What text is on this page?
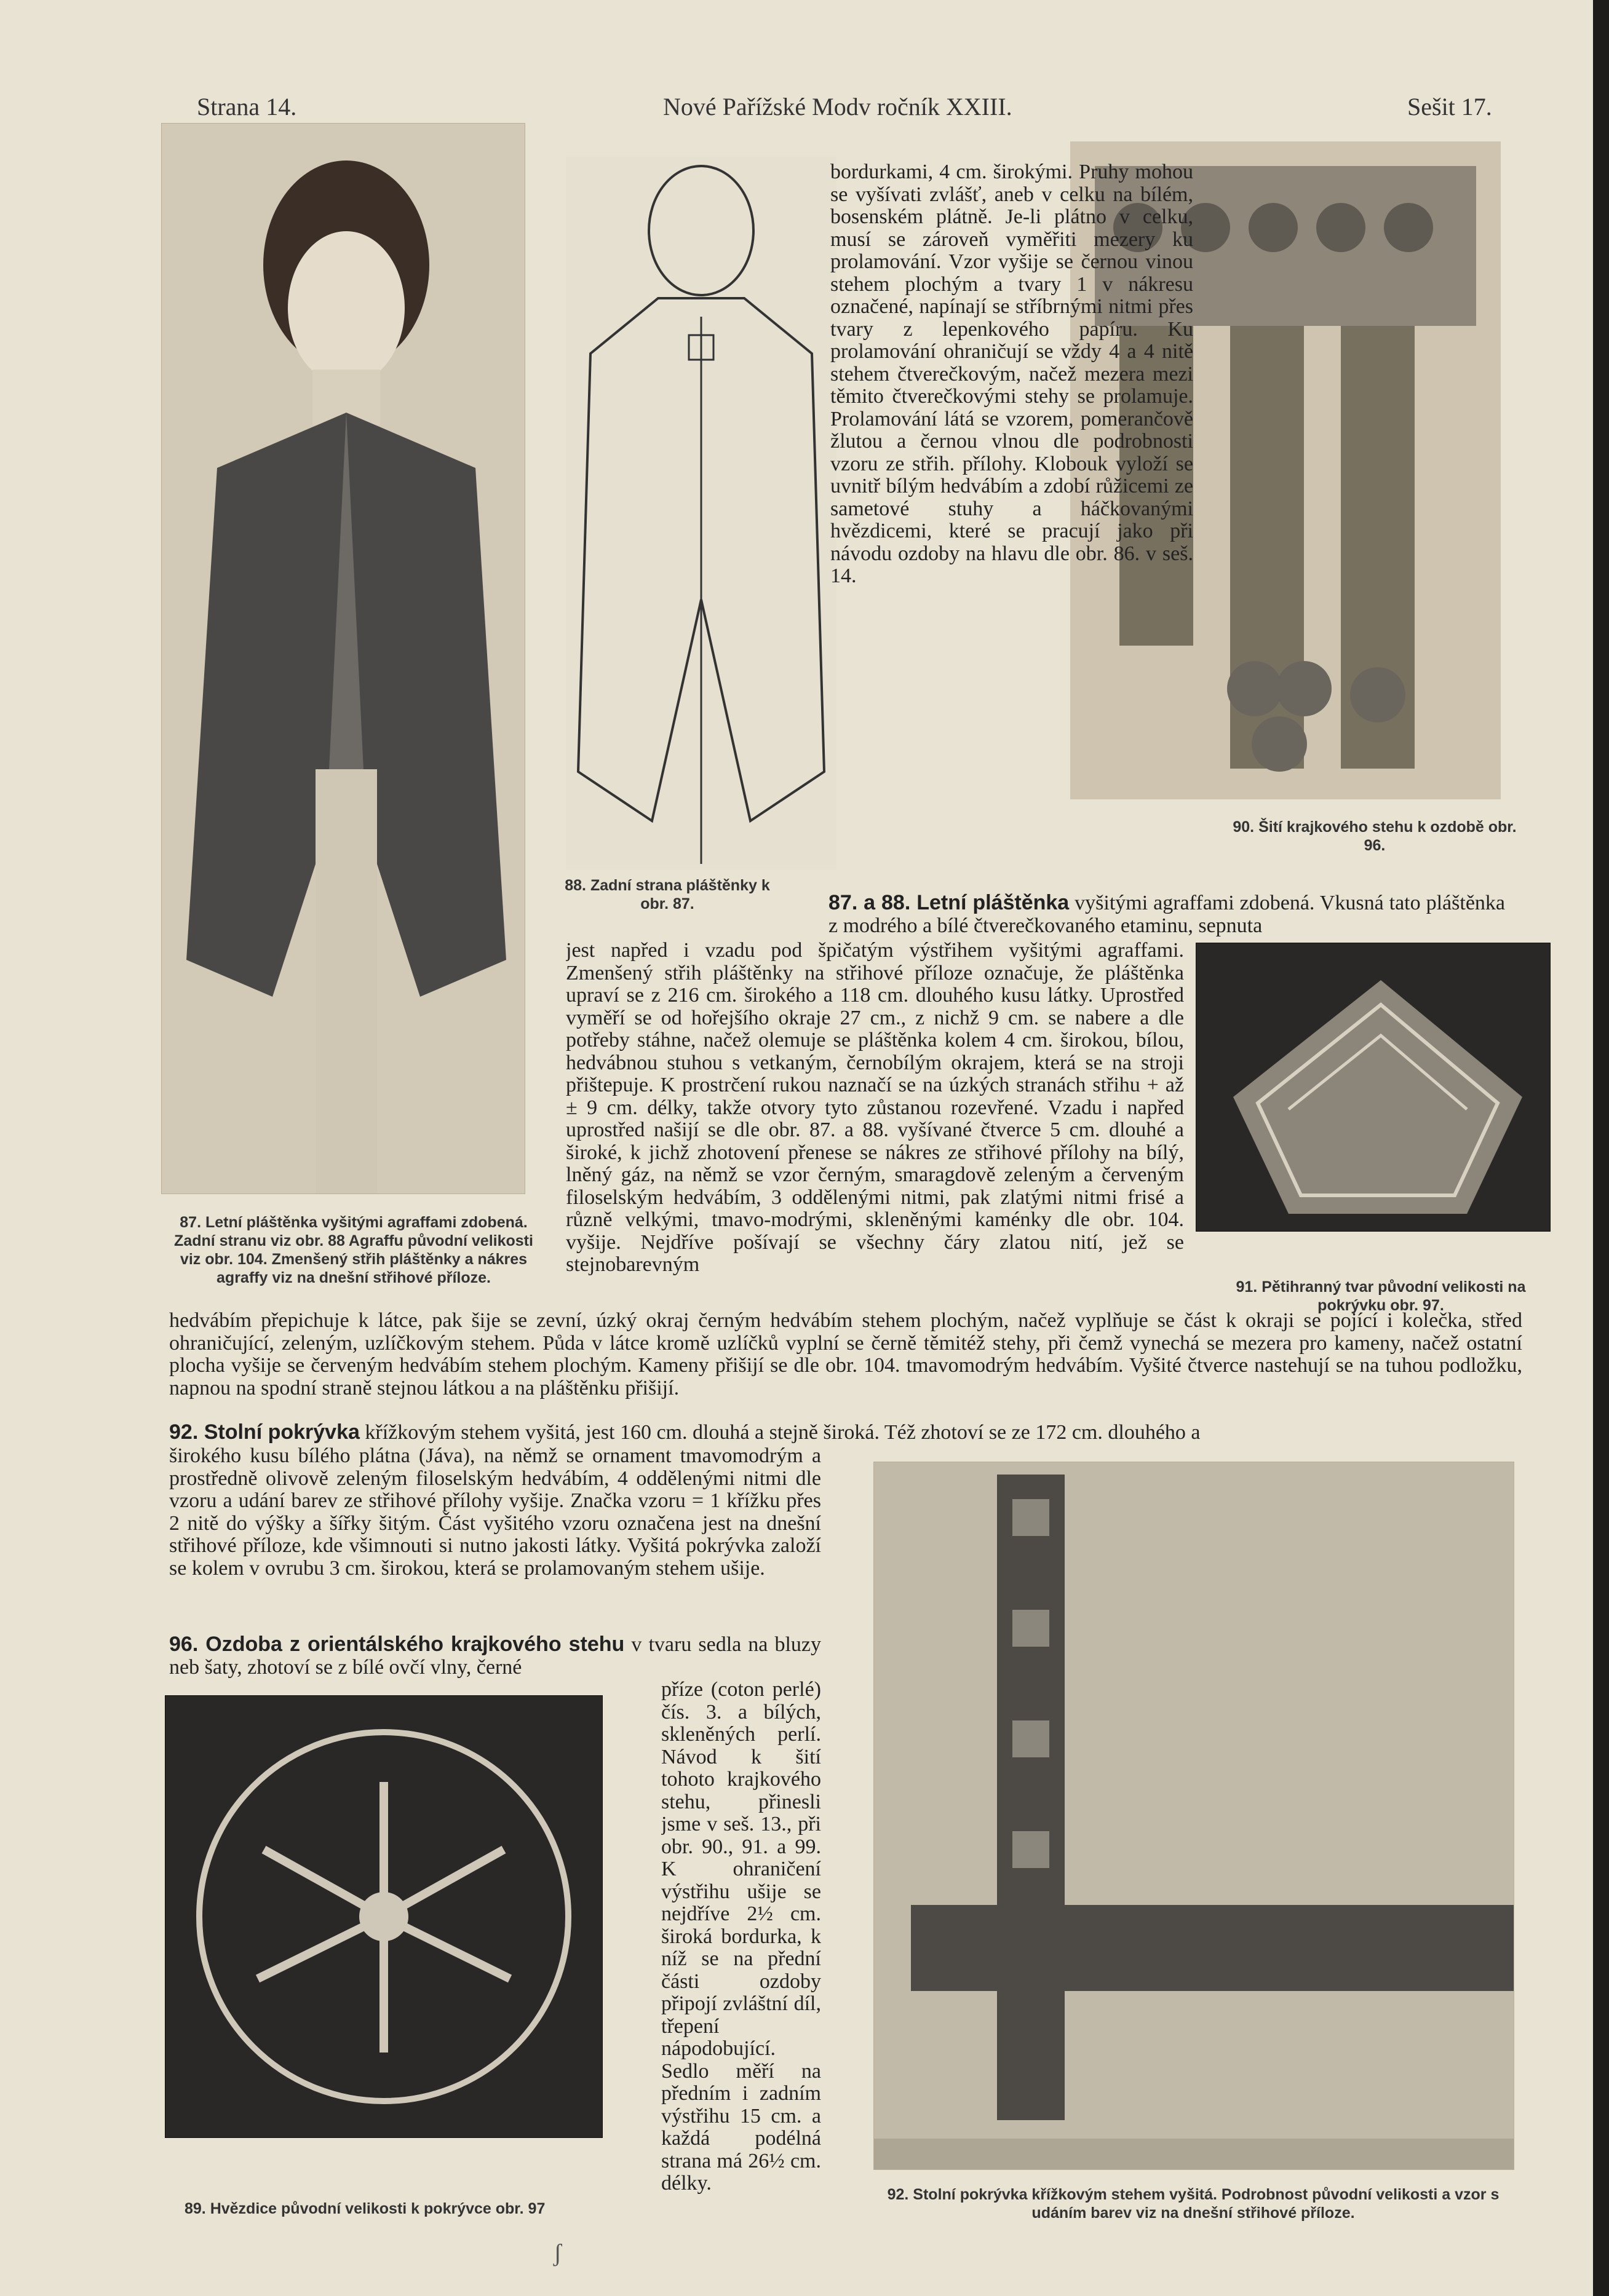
Strana 14.	Nové Pařížské Modv ročník XXIII.	Sešit 17.
87. Letní pláštěnka vyšitými agraffami zdobená. Zadní stranu viz obr. 88 Agraffu původní velikosti viz obr. 104. Zmenšený střih pláštěnky a nákres agraffy viz na dnešní střihové příloze.
88. Zadní strana pláštěnky k obr. 87.
90. Šití krajkového stehu k ozdobě obr. 96.
91. Pětihranný tvar původní velikosti na pokrývku obr. 97.
89. Hvězdice původní velikosti k pokrývce obr. 97
92. Stolní pokrývka křížkovým stehem vyšitá. Podrobnost původní velikosti a vzor s udáním barev viz na dnešní střihové příloze.

bordurkami, 4 cm. širokými. Pruhy mohou se vyšívati zvlášť, aneb v celku na bílém, bosenském plátně. Je-li plátno v celku, musí se zároveň vyměřiti mezery ku prolamování. Vzor vyšije se černou vinou stehem plochým a tvary 1 v nákresu označené, napínají se stříbrnými nitmi přes tvary z lepenkového papíru. Ku prolamování ohraničují se vždy 4 a 4 nitě stehem čtverečkovým, načež mezera mezi těmito čtverečkovými stehy se prolamuje. Prolamování látá se vzorem, pomerančově žlutou a černou vlnou dle podrobnosti vzoru ze střih. přílohy. Klobouk vyloží se uvnitř bílým hedvábím a zdobí růžicemi ze sametové stuhy a háčkovanými hvězdicemi, které se pracují jako při návodu ozdoby na hlavu dle obr. 86. v seš. 14.

87. a 88. Letní pláštěnka vyšitými agraffami zdobená. Vkusná tato pláštěnka z modrého a bílé čtverečkovaného etaminu, sepnuta

jest napřed i vzadu pod špičatým výstřihem vyšitými agraffami. Zmenšený střih pláštěnky na střihové příloze označuje, že pláštěnka upraví se z 216 cm. širokého a 118 cm. dlouhého kusu látky. Uprostřed vyměří se od hořejšího okraje 27 cm., z nichž 9 cm. se nabere a dle potřeby stáhne, načež olemuje se pláštěnka kolem 4 cm. širokou, bílou, hedvábnou stuhou s vetkaným, černobílým okrajem, která se na stroji přištepuje. K prostrčení rukou naznačí se na úzkých stranách střihu + až ± 9 cm. délky, takže otvory tyto zůstanou rozevřené. Vzadu i napřed uprostřed našijí se dle obr. 87. a 88. vyšívané čtverce 5 cm. dlouhé a široké, k jichž zhotovení přenese se nákres ze střihové přílohy na bílý, lněný gáz, na němž se vzor černým, smaragdově zeleným a červeným filoselským hedvábím, 3 oddělenými nitmi, pak zlatými nitmi frisé a různě velkými, tmavo-modrými, skleněnými kaménky dle obr. 104. vyšije. Nejdříve pošívají se všechny čáry zlatou nití, jež se stejnobarevným

hedvábím přepichuje k látce, pak šije se zevní, úzký okraj černým hedvábím stehem plochým, načež vyplňuje se část k okraji se pojící i kolečka, střed ohraničující, zeleným, uzlíčkovým stehem. Půda v látce kromě uzlíčků vyplní se černě těmitéž stehy, při čemž vynechá se mezera pro kameny, načež ostatní plocha vyšije se červeným hedvábím stehem plochým. Kameny přišijí se dle obr. 104. tmavomodrým hedvábím. Vyšité čtverce nastehují se na tuhou podložku, napnou na spodní straně stejnou látkou a na pláštěnku přišijí.

92. Stolní pokrývka křížkovým stehem vyšitá, jest 160 cm. dlouhá a stejně široká. Též zhotoví se ze 172 cm. dlouhého a

širokého kusu bílého plátna (Jáva), na němž se ornament tmavomodrým a prostředně olivově zeleným filoselským hedvábím, 4 oddělenými nitmi dle vzoru a udání barev ze střihové přílohy vyšije. Značka vzoru = 1 křížku přes 2 nitě do výšky a šířky šitým. Část vyšitého vzoru označena jest na dnešní střihové příloze, kde všimnouti si nutno jakosti látky. Vyšitá pokrývka založí se kolem v ovrubu 3 cm. širokou, která se prolamovaným stehem ušije.

96. Ozdoba z orientálského krajkového stehu v tvaru sedla na bluzy neb šaty, zhotoví se z bílé ovčí vlny, černé

příze (coton perlé) čís. 3. a bílých, skleněných perlí. Návod k šití tohoto krajkového stehu, přinesli jsme v seš. 13., při obr. 90., 91. a 99. K ohraničení výstřihu ušije se nejdříve 2½ cm. široká bordurka, k níž se na přední části ozdoby připojí zvláštní díl, třepení nápodobující. Sedlo měří na předním i zadním výstřihu 15 cm. a každá podélná strana má 26½ cm. délky.

ʃ
